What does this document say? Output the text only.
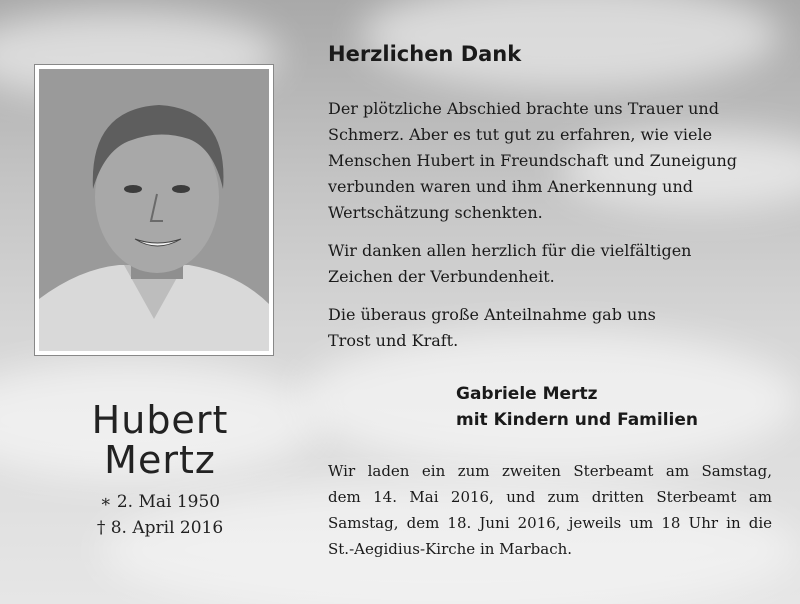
Hubert
Mertz
∗ 2. Mai 1950
† 8. April 2016
Herzlichen Dank
Der plötzliche Abschied brachte uns Trauer und
Schmerz. Aber es tut gut zu erfahren, wie viele
Menschen Hubert in Freundschaft und Zuneigung
verbunden waren und ihm Anerkennung und
Wertschätzung schenkten.
Wir danken allen herzlich für die vielfältigen
Zeichen der Verbundenheit.
Die überaus große Anteilnahme gab uns
Trost und Kraft.
Gabriele Mertz
mit Kindern und Familien
Wir laden ein zum zweiten Sterbeamt am Samstag,
dem 14. Mai 2016, und zum dritten Sterbeamt am
Samstag, dem 18. Juni 2016, jeweils um 18 Uhr in die
St.-Aegidius-Kirche in Marbach.
